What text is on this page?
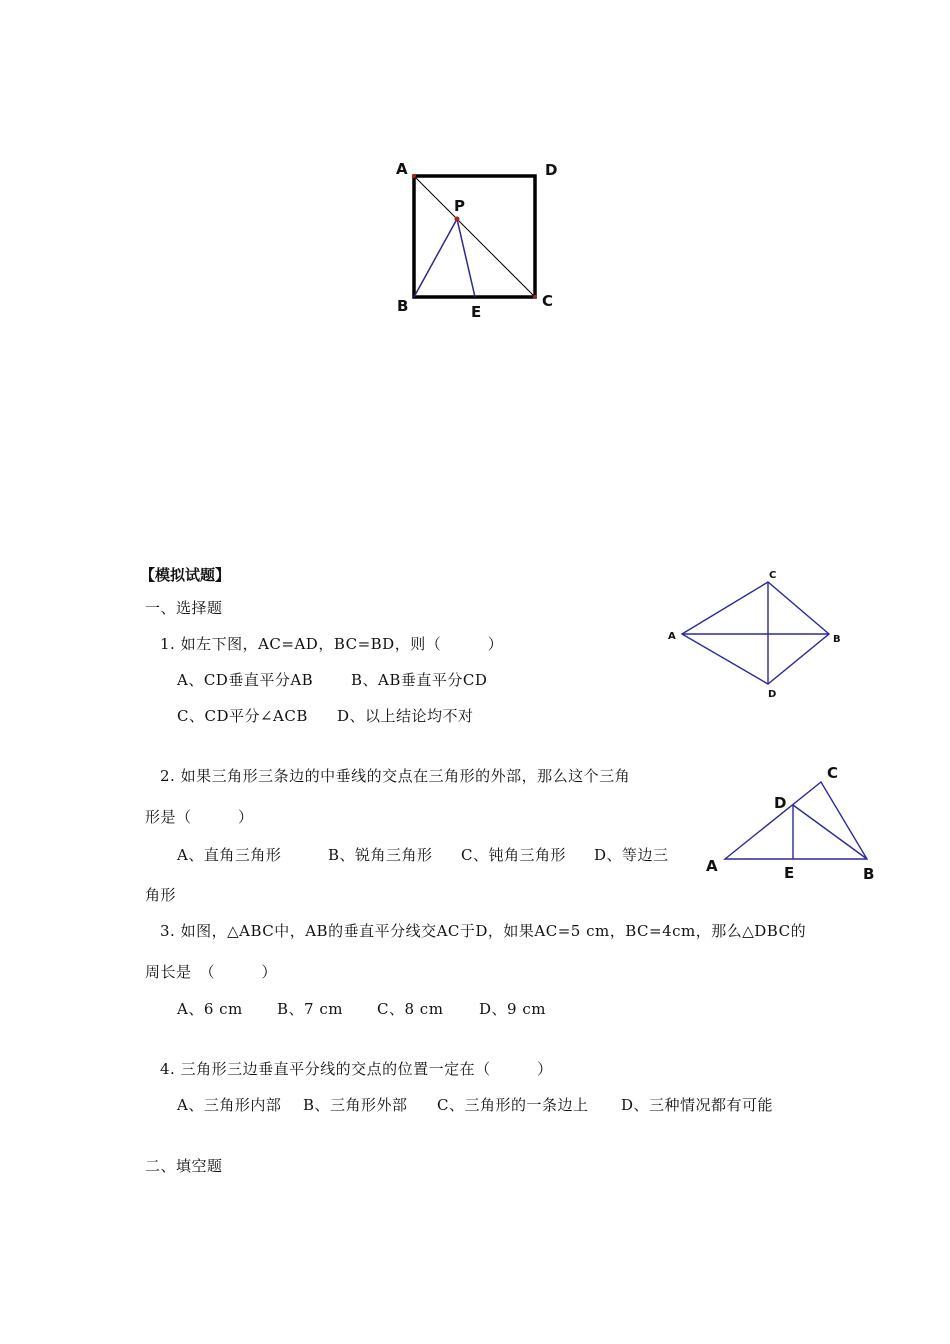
A	D
P
B	E
C
【模拟试题】
一、选择题
A
C
B
D
A	B
C
D
E
1. 如左下图，AC=AD，BC=BD，则（　　　）
A、CD垂直平分AB	B、AB垂直平分CD
C、CD平分∠ACB D、以上结论均不对
2. 如果三角形三条边的中垂线的交点在三角形的外部，那么这个三角
形是（　　　）
A、直角三角形	B、锐角三角形 C、钝角三角形 D、等边三
角形
3. 如图，△ABC中，AB的垂直平分线交AC于D，如果AC=5 cm，BC=4cm，那么△DBC的
周长是　（　　　）
A、6 cm B、7 cm C、8 cm D、9 cm
4. 三角形三边垂直平分线的交点的位置一定在（　　　）
A、三角形内部 B、三角形外部 C、三角形的一条边上 D、三种情况都有可能
二、填空题
